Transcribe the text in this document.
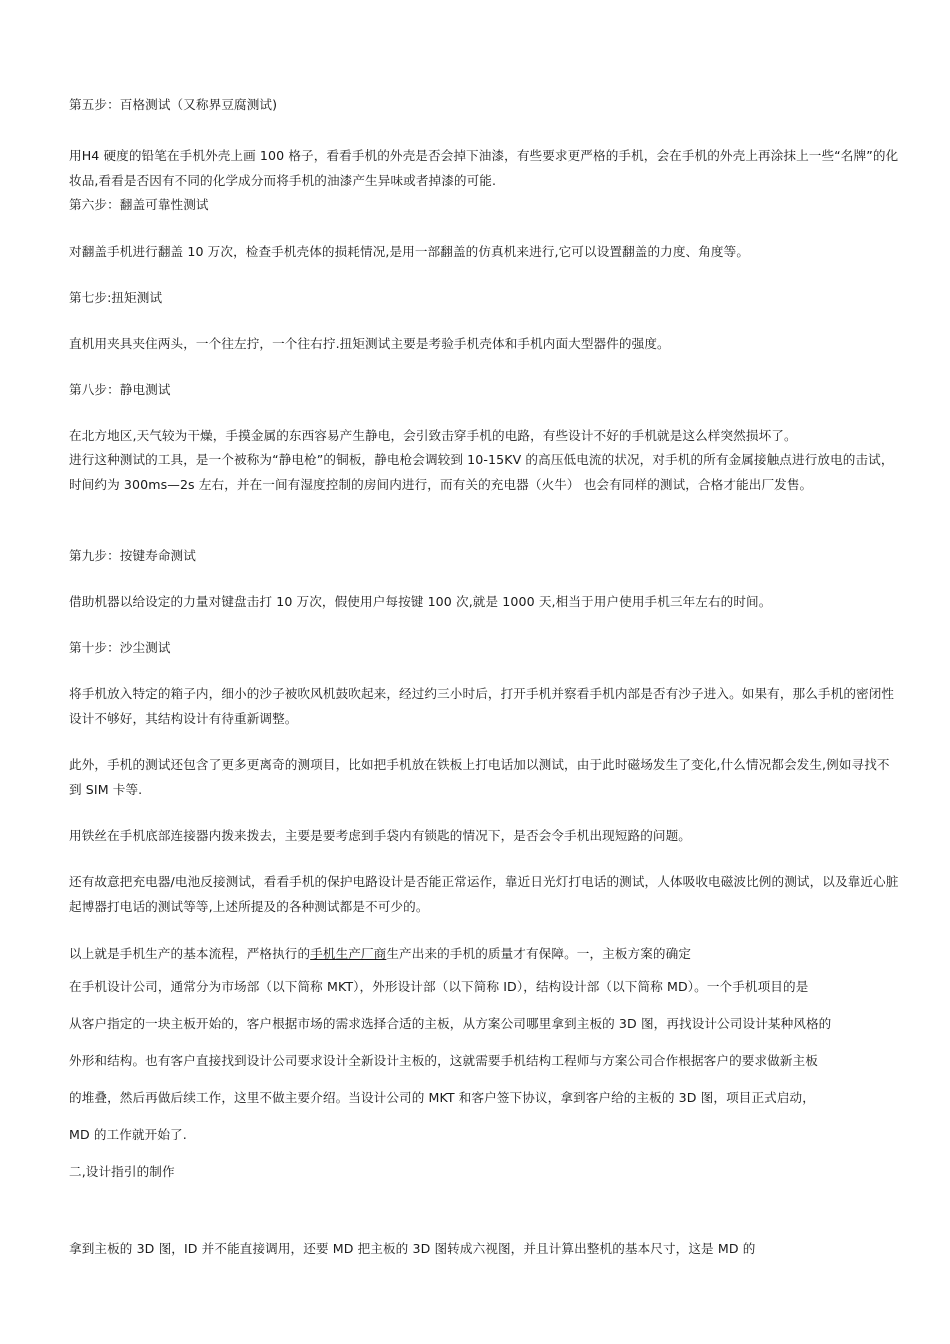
第五步：百格测试（又称界豆腐测试)

用H4 硬度的铅笔在手机外壳上画 100 格子，看看手机的外壳是否会掉下油漆，有些要求更严格的手机，会在手机的外壳上再涂抹上一些“名牌”的化妆品,看看是否因有不同的化学成分而将手机的油漆产生异味或者掉漆的可能.

第六步：翻盖可靠性测试

对翻盖手机进行翻盖 10 万次，检查手机壳体的损耗情况,是用一部翻盖的仿真机来进行,它可以设置翻盖的力度、角度等。

第七步:扭矩测试

直机用夹具夹住两头，一个往左拧，一个往右拧.扭矩测试主要是考验手机壳体和手机内面大型器件的强度。

第八步：静电测试

在北方地区,天气较为干燥，手摸金属的东西容易产生静电，会引致击穿手机的电路，有些设计不好的手机就是这么样突然损坏了。

进行这种测试的工具，是一个被称为“静电枪”的铜板，静电枪会调较到 10-15KV 的高压低电流的状况，对手机的所有金属接触点进行放电的击试，时间约为 300ms—2s 左右，并在一间有湿度控制的房间内进行，而有关的充电器（火牛） 也会有同样的测试，合格才能出厂发售。

第九步：按键寿命测试

借助机器以给设定的力量对键盘击打 10 万次，假使用户每按键 100 次,就是 1000 天,相当于用户使用手机三年左右的时间。

第十步：沙尘测试

将手机放入特定的箱子内，细小的沙子被吹风机鼓吹起来，经过约三小时后，打开手机并察看手机内部是否有沙子进入。如果有，那么手机的密闭性设计不够好，其结构设计有待重新调整。

此外，手机的测试还包含了更多更离奇的测项目，比如把手机放在铁板上打电话加以测试，由于此时磁场发生了变化,什么情况都会发生,例如寻找不到 SIM 卡等.

用铁丝在手机底部连接器内拨来拨去，主要是要考虑到手袋内有锁匙的情况下，是否会令手机出现短路的问题。

还有故意把充电器/电池反接测试，看看手机的保护电路设计是否能正常运作，靠近日光灯打电话的测试，人体吸收电磁波比例的测试，以及靠近心脏起博器打电话的测试等等,上述所提及的各种测试都是不可少的。

以上就是手机生产的基本流程，严格执行的手机生产厂商生产出来的手机的质量才有保障。一，主板方案的确定

在手机设计公司，通常分为市场部（以下简称 MKT），外形设计部（以下简称 ID），结构设计部（以下简称 MD）。一个手机项目的是

从客户指定的一块主板开始的，客户根据市场的需求选择合适的主板，从方案公司哪里拿到主板的 3D 图，再找设计公司设计某种风格的

外形和结构。也有客户直接找到设计公司要求设计全新设计主板的，这就需要手机结构工程师与方案公司合作根据客户的要求做新主板

的堆叠，然后再做后续工作，这里不做主要介绍。当设计公司的 MKT 和客户签下协议，拿到客户给的主板的 3D 图，项目正式启动，

MD 的工作就开始了.

二,设计指引的制作

拿到主板的 3D 图，ID 并不能直接调用，还要 MD 把主板的 3D 图转成六视图，并且计算出整机的基本尺寸，这是 MD 的
